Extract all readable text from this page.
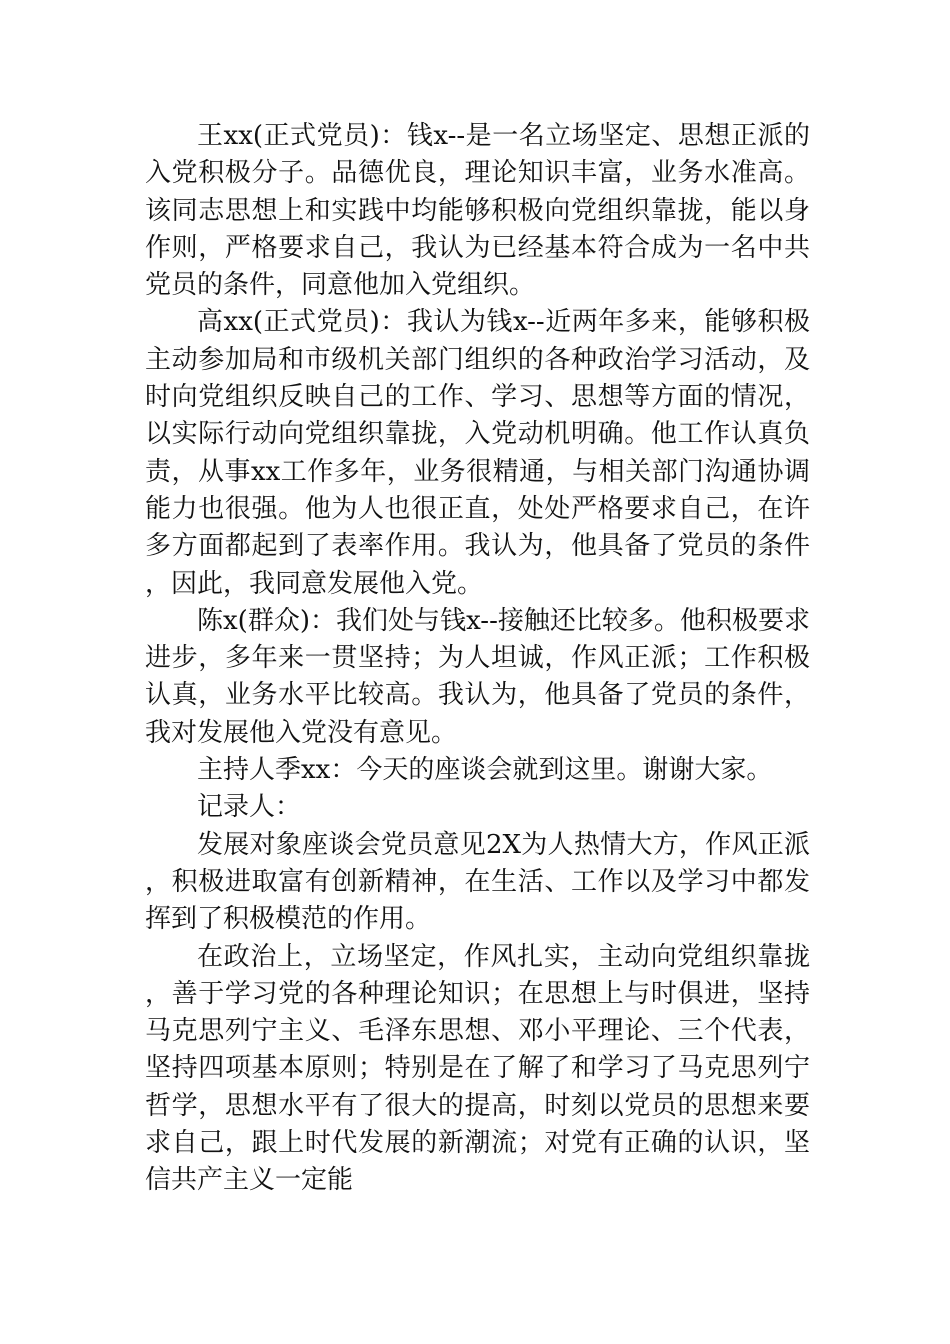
王xx(正式党员)：钱x--是一名立场坚定、思想正派的入党积极分子。品德优良，理论知识丰富，业务水准高。该同志思想上和实践中均能够积极向党组织靠拢，能以身作则，严格要求自己，我认为已经基本符合成为一名中共党员的条件，同意他加入党组织。

高xx(正式党员)：我认为钱x--近两年多来，能够积极主动参加局和市级机关部门组织的各种政治学习活动，及时向党组织反映自己的工作、学习、思想等方面的情况，以实际行动向党组织靠拢，入党动机明确。他工作认真负责，从事xx工作多年，业务很精通，与相关部门沟通协调能力也很强。他为人也很正直，处处严格要求自己，在许多方面都起到了表率作用。我认为，他具备了党员的条件，因此，我同意发展他入党。

陈x(群众)：我们处与钱x--接触还比较多。他积极要求进步，多年来一贯坚持；为人坦诚，作风正派；工作积极认真，业务水平比较高。我认为，他具备了党员的条件，我对发展他入党没有意见。

主持人季xx：今天的座谈会就到这里。谢谢大家。

记录人：

发展对象座谈会党员意见2X为人热情大方，作风正派，积极进取富有创新精神，在生活、工作以及学习中都发挥到了积极模范的作用。

在政治上，立场坚定，作风扎实，主动向党组织靠拢，善于学习党的各种理论知识；在思想上与时俱进，坚持马克思列宁主义、毛泽东思想、邓小平理论、三个代表，坚持四项基本原则；特别是在了解了和学习了马克思列宁哲学，思想水平有了很大的提高，时刻以党员的思想来要求自己，跟上时代发展的新潮流；对党有正确的认识，坚信共产主义一定能
